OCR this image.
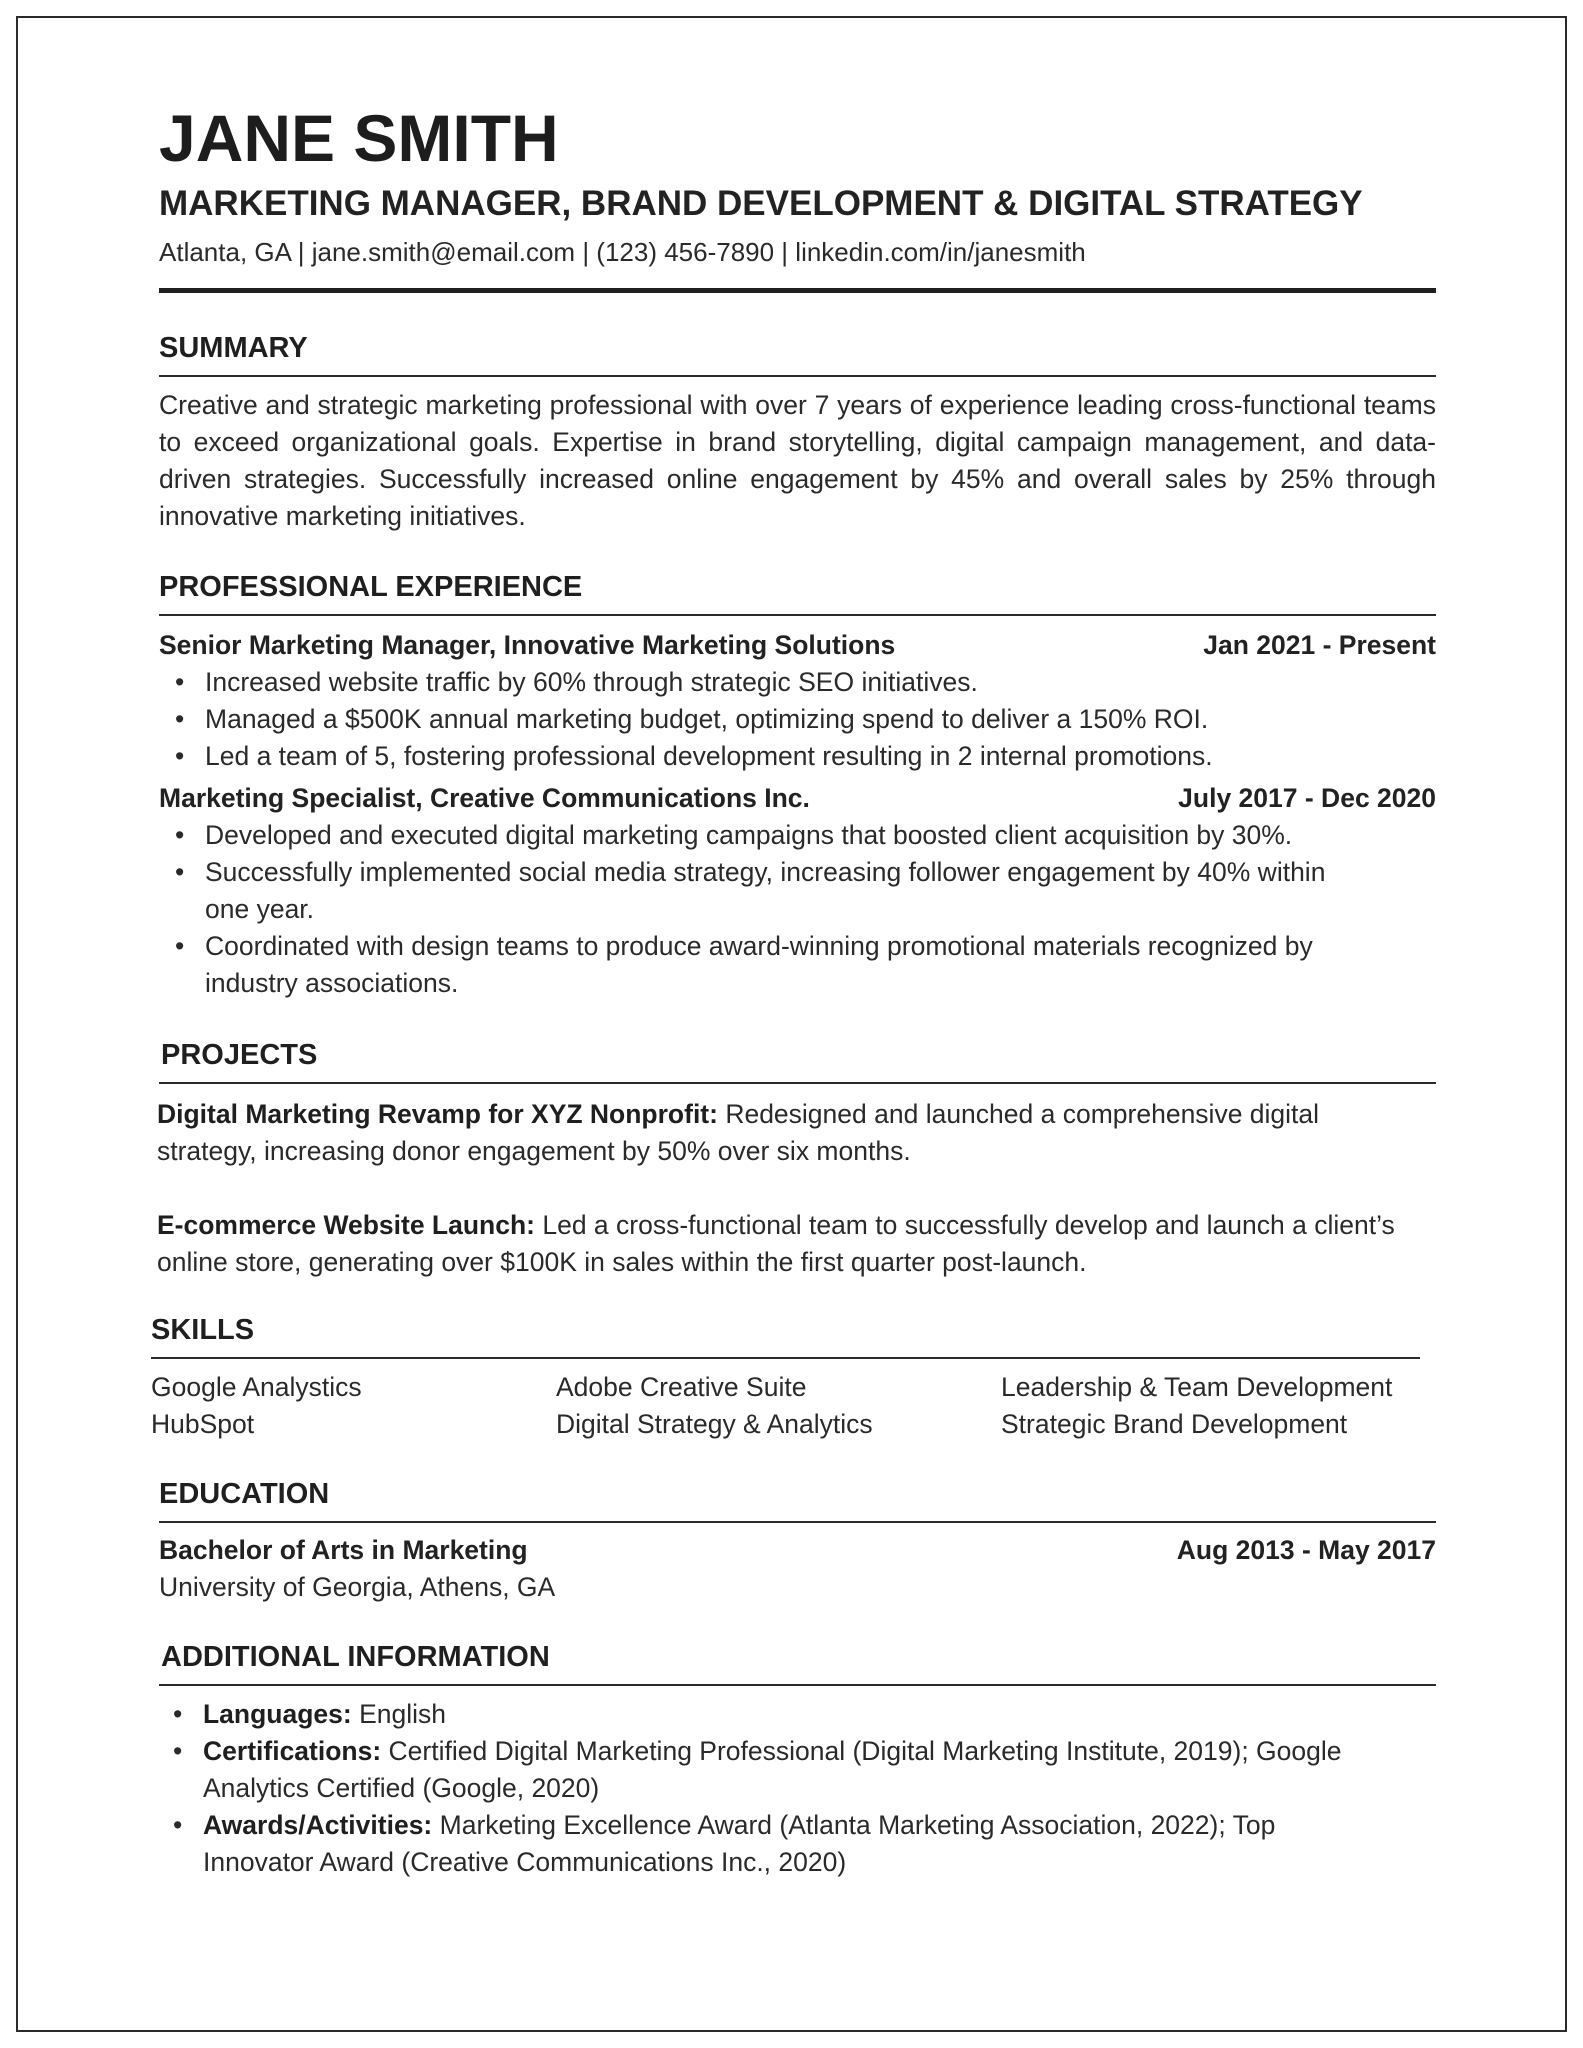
JANE SMITH
MARKETING MANAGER, BRAND DEVELOPMENT & DIGITAL STRATEGY
Atlanta, GA | jane.smith@email.com | (123) 456-7890 | linkedin.com/in/janesmith
SUMMARY

Creative and strategic marketing professional with over 7 years of experience leading cross-functional teams to exceed organizational goals. Expertise in brand storytelling, digital campaign management, and data-driven strategies. Successfully increased online engagement by 45% and overall sales by 25% through innovative marketing initiatives.

PROFESSIONAL EXPERIENCE
Senior Marketing Manager, Innovative Marketing Solutions	Jan 2021 - Present
• Increased website traffic by 60% through strategic SEO initiatives.
• Managed a $500K annual marketing budget, optimizing spend to deliver a 150% ROI.
• Led a team of 5, fostering professional development resulting in 2 internal promotions.
Marketing Specialist, Creative Communications Inc.	July 2017 - Dec 2020
• Developed and executed digital marketing campaigns that boosted client acquisition by 30%.
• Successfully implemented social media strategy, increasing follower engagement by 40% within one year.
• Coordinated with design teams to produce award-winning promotional materials recognized by industry associations.
PROJECTS

Digital Marketing Revamp for XYZ Nonprofit: Redesigned and launched a comprehensive digital strategy, increasing donor engagement by 50% over six months.

E-commerce Website Launch: Led a cross-functional team to successfully develop and launch a client’s online store, generating over $100K in sales within the first quarter post-launch.

SKILLS
Google Analystics	Adobe Creative Suite	Leadership & Team Development
HubSpot	Digital Strategy & Analytics	Strategic Brand Development
EDUCATION
Bachelor of Arts in Marketing	Aug 2013 - May 2017
University of Georgia, Athens, GA
ADDITIONAL INFORMATION
• Languages: English
• Certifications: Certified Digital Marketing Professional (Digital Marketing Institute, 2019); Google Analytics Certified (Google, 2020)
• Awards/Activities: Marketing Excellence Award (Atlanta Marketing Association, 2022); Top Innovator Award (Creative Communications Inc., 2020)
